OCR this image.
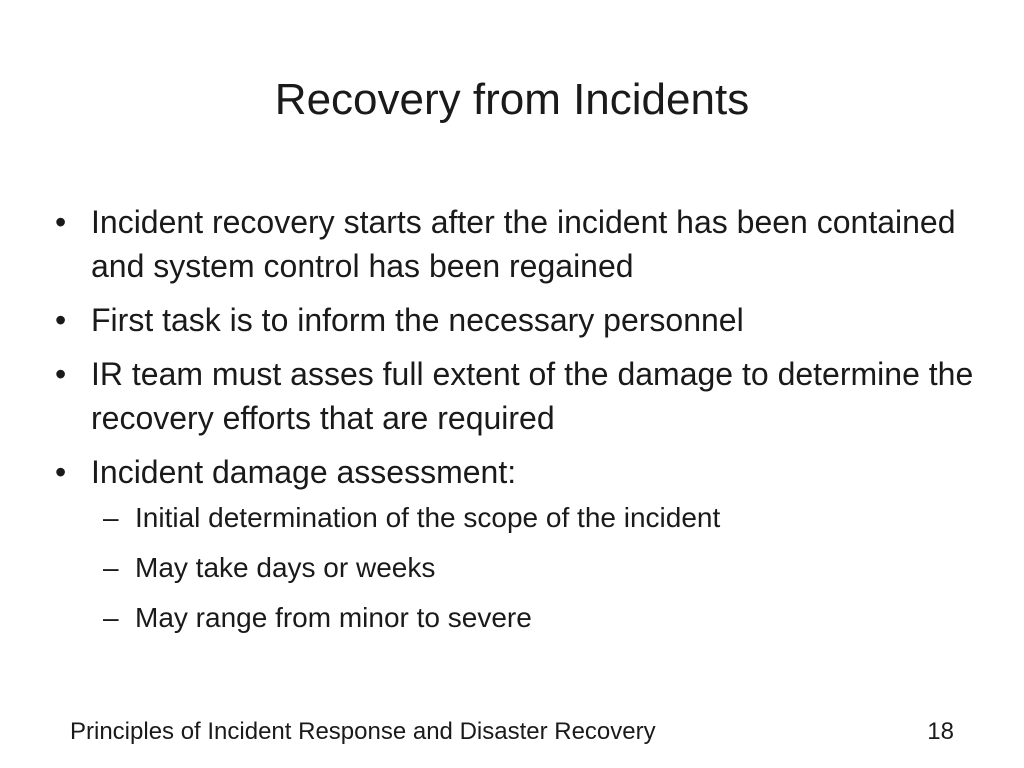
Recovery from Incidents
• Incident recovery starts after the incident has been contained and system control has been regained
• First task is to inform the necessary personnel
• IR team must asses full extent of the damage to determine the recovery efforts that are required
• Incident damage assessment:
– Initial determination of the scope of the incident
– May take days or weeks
– May range from minor to severe
Principles of Incident Response and Disaster Recovery	18
